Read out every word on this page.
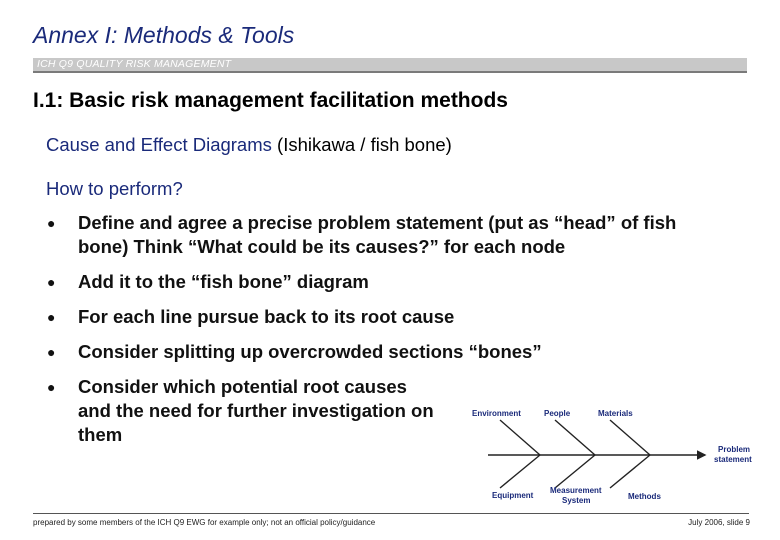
Annex I: Methods & Tools
ICH Q9 QUALITY RISK MANAGEMENT
I.1: Basic risk management facilitation methods
Cause and Effect Diagrams (Ishikawa / fish bone)
How to perform?
● Define and agree a precise problem statement (put as “head” of fish bone) Think “What could be its causes?” for each node
● Add it to the “fish bone” diagram
● For each line pursue back to its root cause
● Consider splitting up overcrowded sections “bones”
● Consider which potential root causes and the need for further investigation on them
Environment	People	Materials
Equipment
Measurement
System	Methods
Problem
statement
prepared by some members of the ICH Q9 EWG for example only; not an official policy/guidance	July 2006, slide 9
